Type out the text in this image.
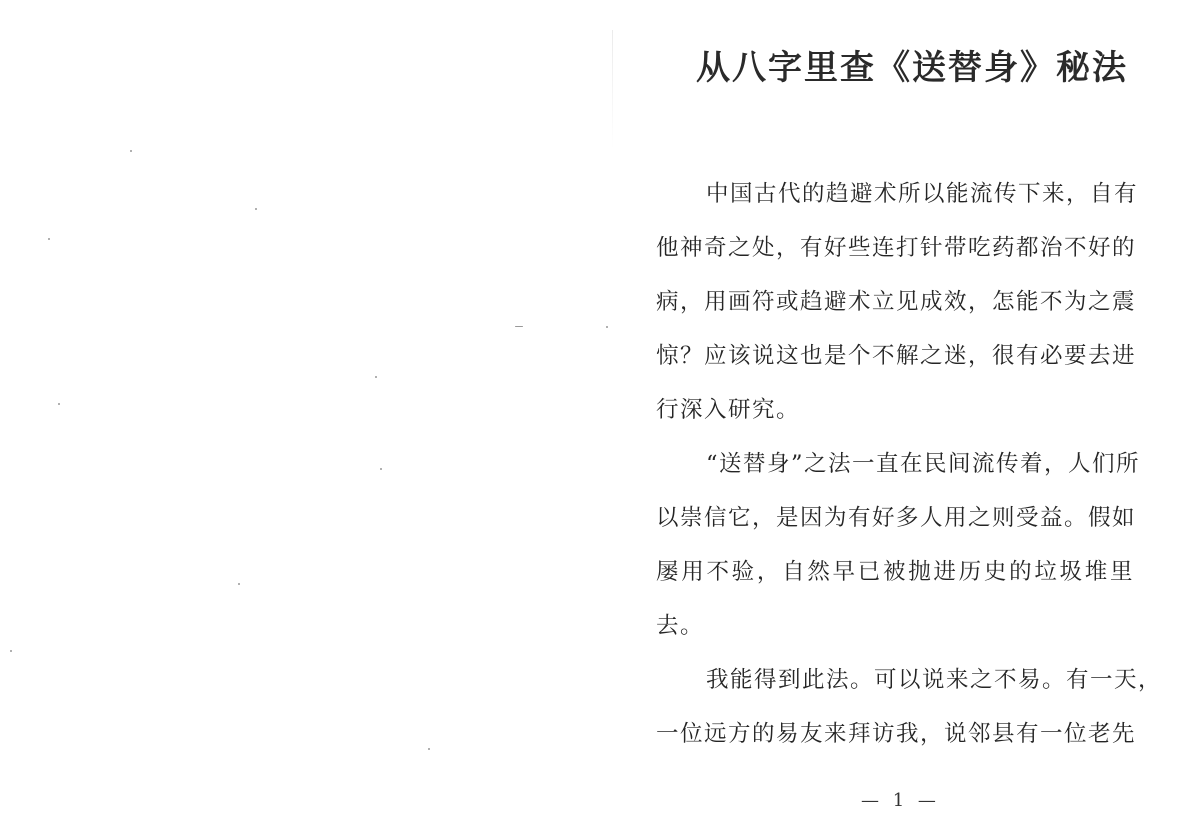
从八字里查《送替身》秘法
中国古代的趋避术所以能流传下来，自有
他神奇之处，有好些连打针带吃药都治不好的
病，用画符或趋避术立见成效，怎能不为之震
惊？应该说这也是个不解之迷，很有必要去进
行深入研究。
“送替身”之法一直在民间流传着，人们所
以崇信它，是因为有好多人用之则受益。假如
屡用不验，自然早已被抛进历史的垃圾堆里
去。
我能得到此法。可以说来之不易。有一天，
一位远方的易友来拜访我，说邻县有一位老先
— 1 —
